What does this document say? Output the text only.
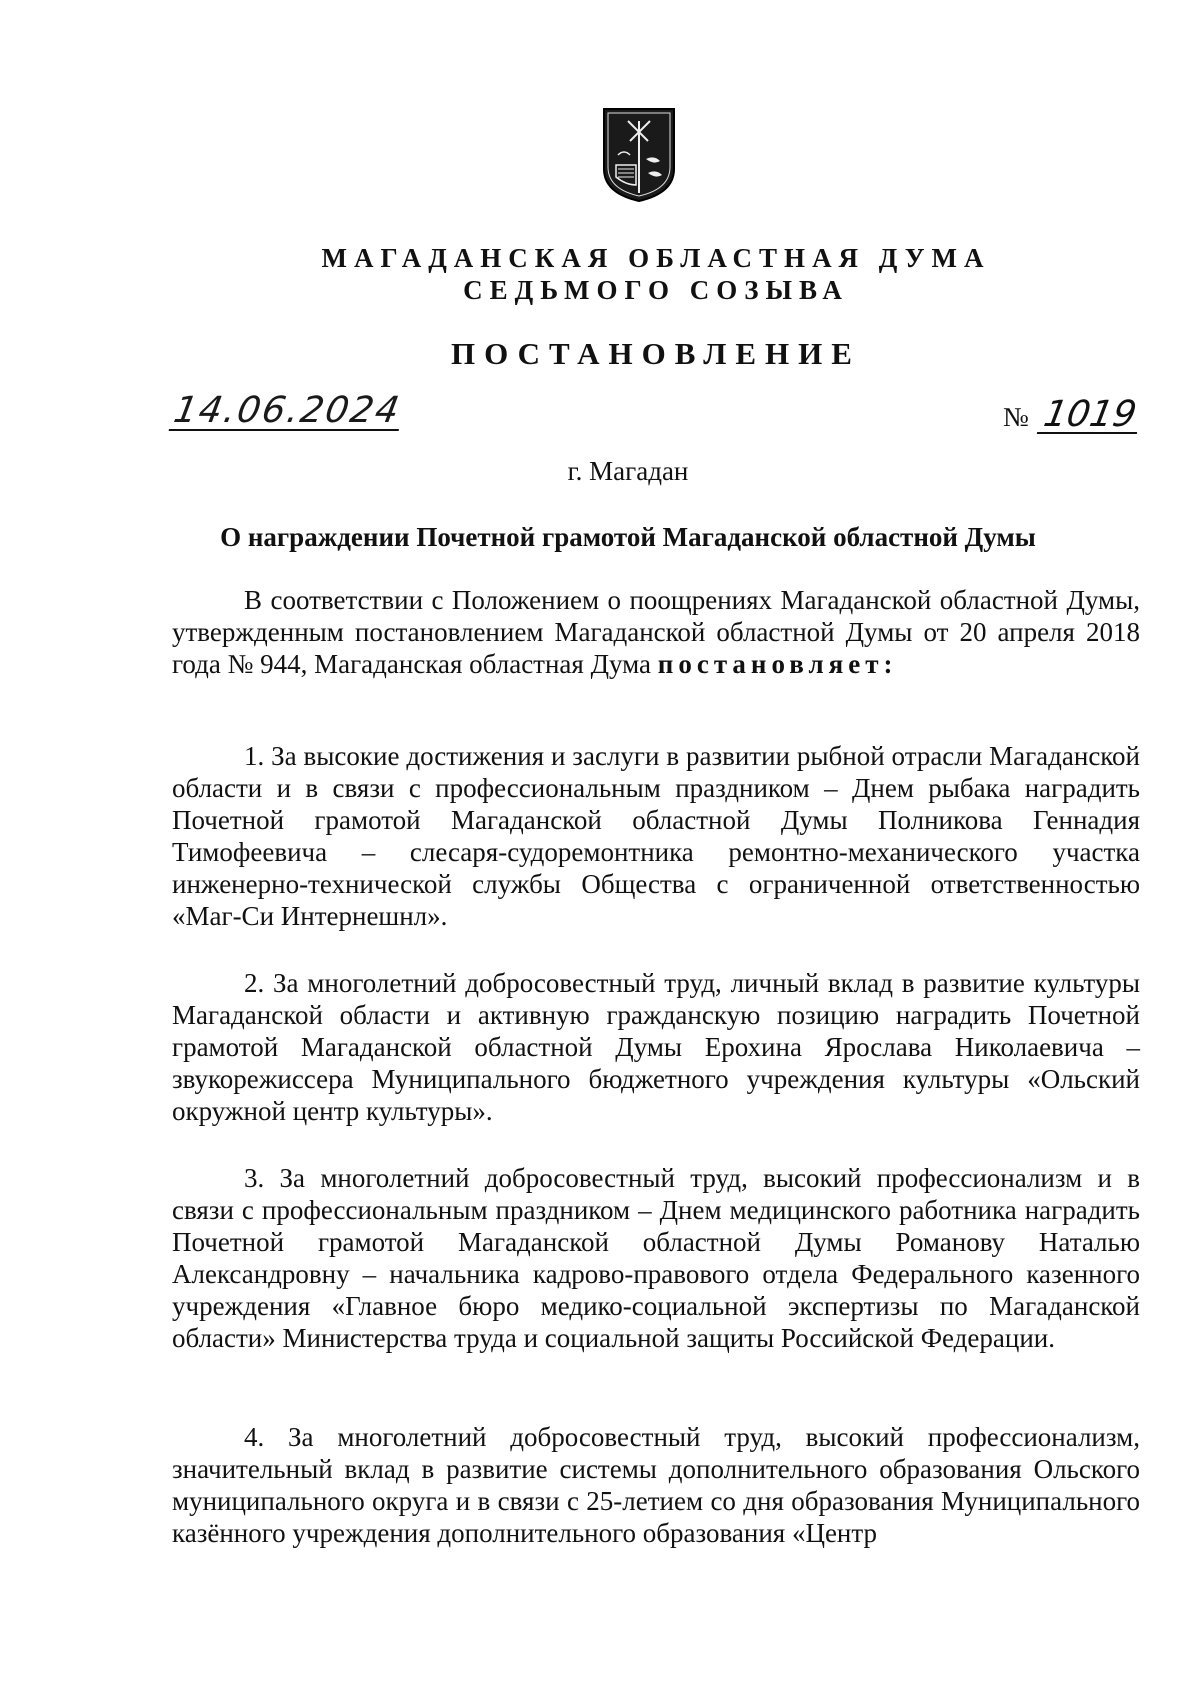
МАГАДАНСКАЯ ОБЛАСТНАЯ ДУМА
СЕДЬМОГО СОЗЫВА
ПОСТАНОВЛЕНИЕ
14.06.2024	№ 1019
г. Магадан
О награждении Почетной грамотой Магаданской областной Думы
В соответствии с Положением о поощрениях Магаданской областной Думы, утвержденным постановлением Магаданской областной Думы от 20 апреля 2018 года № 944, Магаданская областная Дума постановляет:
1. За высокие достижения и заслуги в развитии рыбной отрасли Магаданской области и в связи с профессиональным праздником – Днем рыбака наградить Почетной грамотой Магаданской областной Думы Полникова Геннадия Тимофеевича – слесаря-судоремонтника ремонтно-механического участка инженерно-технической службы Общества с ограниченной ответственностью «Маг-Си Интернешнл».
2. За многолетний добросовестный труд, личный вклад в развитие культуры Магаданской области и активную гражданскую позицию наградить Почетной грамотой Магаданской областной Думы Ерохина Ярослава Николаевича – звукорежиссера Муниципального бюджетного учреждения культуры «Ольский окружной центр культуры».
3. За многолетний добросовестный труд, высокий профессионализм и в связи с профессиональным праздником – Днем медицинского работника наградить Почетной грамотой Магаданской областной Думы Романову Наталью Александровну – начальника кадрово-правового отдела Федерального казенного учреждения «Главное бюро медико-социальной экспертизы по Магаданской области» Министерства труда и социальной защиты Российской Федерации.
4. За многолетний добросовестный труд, высокий профессионализм, значительный вклад в развитие системы дополнительного образования Ольского муниципального округа и в связи с 25-летием со дня образования Муниципального казённого учреждения дополнительного образования «Центр
